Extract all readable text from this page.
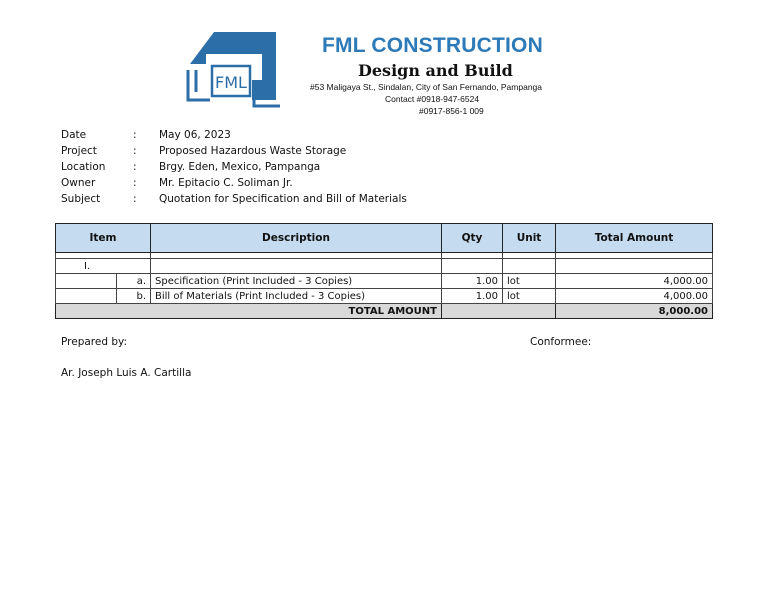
FML
FML CONSTRUCTION
Design and Build
#53 Maligaya St., Sindalan, City of San Fernando, Pampanga
Contact #0918-947-6524
#0917-856-1 009
Date	:	May 06, 2023
Project	:	Proposed Hazardous Waste Storage
Location	:	Brgy. Eden, Mexico, Pampanga
Owner	:	Mr. Epitacio C. Soliman Jr.
Subject	:	Quotation for Specification and Bill of Materials
Item		Description	Qty	Unit	Total Amount

I.					
	a.	Specification (Print Included - 3 Copies)	1.00	lot	4,000.00
	b.	Bill of Materials (Print Included - 3 Copies)	1.00	lot	4,000.00
TOTAL AMOUNT					8,000.00
Prepared by:	Conformee:
Ar. Joseph Luis A. Cartilla
